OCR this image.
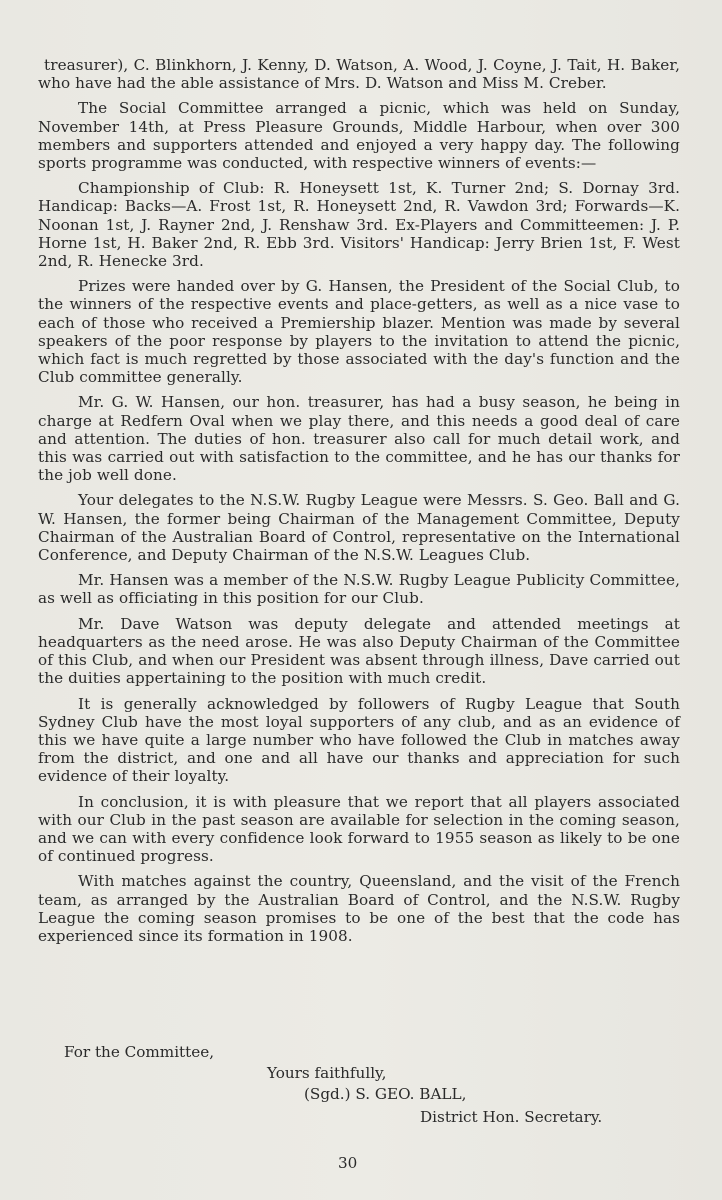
treasurer), C. Blinkhorn, J. Kenny, D. Watson, A. Wood, J. Coyne, J. Tait, H. Baker, who have had the able assistance of Mrs. D. Watson and Miss M. Creber.

The Social Committee arranged a picnic, which was held on Sunday, November 14th, at Press Pleasure Grounds, Middle Harbour, when over 300 members and supporters attended and enjoyed a very happy day. The following sports programme was conducted, with respective winners of events:—

Championship of Club: R. Honeysett 1st, K. Turner 2nd; S. Dornay 3rd. Handicap: Backs—A. Frost 1st, R. Honeysett 2nd, R. Vawdon 3rd; Forwards—K. Noonan 1st, J. Rayner 2nd, J. Renshaw 3rd. Ex-Players and Committeemen: J. P. Horne 1st, H. Baker 2nd, R. Ebb 3rd. Visitors' Handicap: Jerry Brien 1st, F. West 2nd, R. Henecke 3rd.

Prizes were handed over by G. Hansen, the President of the Social Club, to the winners of the respective events and place-getters, as well as a nice vase to each of those who received a Premiership blazer. Mention was made by several speakers of the poor response by players to the invitation to attend the picnic, which fact is much regretted by those associated with the day's function and the Club committee generally.

Mr. G. W. Hansen, our hon. treasurer, has had a busy season, he being in charge at Redfern Oval when we play there, and this needs a good deal of care and attention. The duties of hon. treasurer also call for much detail work, and this was carried out with satisfaction to the committee, and he has our thanks for the job well done.

Your delegates to the N.S.W. Rugby League were Messrs. S. Geo. Ball and G. W. Hansen, the former being Chairman of the Management Committee, Deputy Chairman of the Australian Board of Control, representative on the International Conference, and Deputy Chairman of the N.S.W. Leagues Club.

Mr. Hansen was a member of the N.S.W. Rugby League Publicity Committee, as well as officiating in this position for our Club.

Mr. Dave Watson was deputy delegate and attended meetings at headquarters as the need arose. He was also Deputy Chairman of the Committee of this Club, and when our President was absent through illness, Dave carried out the duities appertaining to the position with much credit.

It is generally acknowledged by followers of Rugby League that South Sydney Club have the most loyal supporters of any club, and as an evidence of this we have quite a large number who have followed the Club in matches away from the district, and one and all have our thanks and appreciation for such evidence of their loyalty.

In conclusion, it is with pleasure that we report that all players associated with our Club in the past season are available for selection in the coming season, and we can with every confidence look forward to 1955 season as likely to be one of continued progress.

With matches against the country, Queensland, and the visit of the French team, as arranged by the Australian Board of Control, and the N.S.W. Rugby League the coming season promises to be one of the best that the code has experienced since its formation in 1908.

For the Committee,
Yours faithfully,
(Sgd.) S. GEO. BALL,
District Hon. Secretary.
30
